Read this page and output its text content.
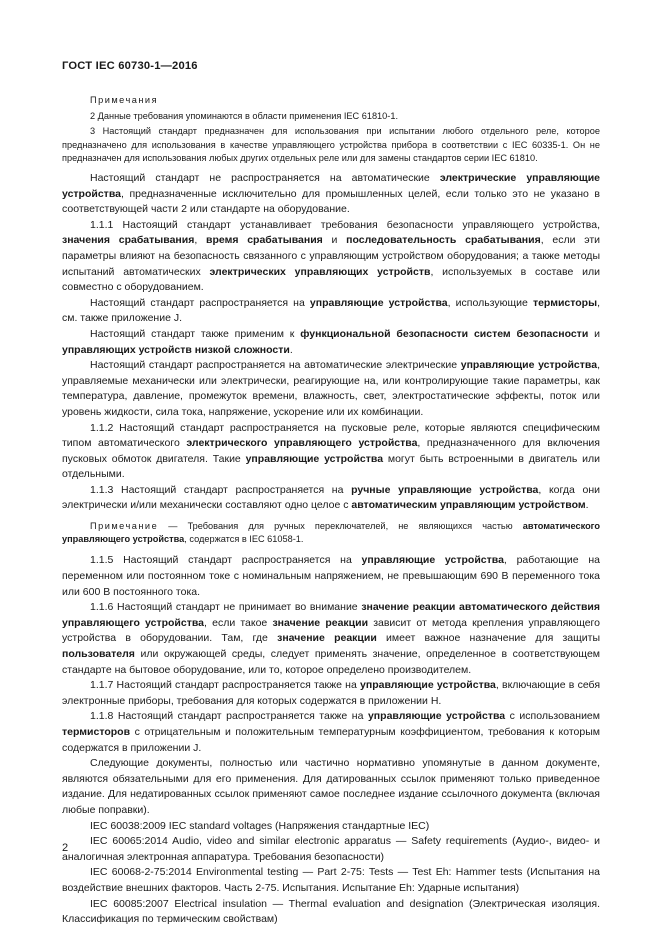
ГОСТ IEC 60730-1—2016
Примечания

2 Данные требования упоминаются в области применения IEC 61810-1.

3 Настоящий стандарт предназначен для использования при испытании любого отдельного реле, которое предназначено для использования в качестве управляющего устройства прибора в соответствии с IEC 60335-1. Он не предназначен для использования любых других отдельных реле или для замены стандартов серии IEC 61810.

Настоящий стандарт не распространяется на автоматические электрические управляющие устройства, предназначенные исключительно для промышленных целей, если только это не указано в соответствующей части 2 или стандарте на оборудование.

1.1.1 Настоящий стандарт устанавливает требования безопасности управляющего устройства, значения срабатывания, время срабатывания и последовательность срабатывания, если эти параметры влияют на безопасность связанного с управляющим устройством оборудования; а также методы испытаний автоматических электрических управляющих устройств, используемых в составе или совместно с оборудованием.

Настоящий стандарт распространяется на управляющие устройства, использующие термисторы, см. также приложение J.

Настоящий стандарт также применим к функциональной безопасности систем безопасности и управляющих устройств низкой сложности.

Настоящий стандарт распространяется на автоматические электрические управляющие устройства, управляемые механически или электрически, реагирующие на, или контролирующие такие параметры, как температура, давление, промежуток времени, влажность, свет, электростатические эффекты, поток или уровень жидкости, сила тока, напряжение, ускорение или их комбинации.

1.1.2 Настоящий стандарт распространяется на пусковые реле, которые являются специфическим типом автоматического электрического управляющего устройства, предназначенного для включения пусковых обмоток двигателя. Такие управляющие устройства могут быть встроенными в двигатель или отдельными.

1.1.3 Настоящий стандарт распространяется на ручные управляющие устройства, когда они электрически и/или механически составляют одно целое с автоматическим управляющим устройством.

Примечание — Требования для ручных переключателей, не являющихся частью автоматического управляющего устройства, содержатся в IEC 61058-1.

1.1.5 Настоящий стандарт распространяется на управляющие устройства, работающие на переменном или постоянном токе с номинальным напряжением, не превышающим 690 В переменного тока или 600 В постоянного тока.

1.1.6 Настоящий стандарт не принимает во внимание значение реакции автоматического действия управляющего устройства, если такое значение реакции зависит от метода крепления управляющего устройства в оборудовании. Там, где значение реакции имеет важное назначение для защиты пользователя или окружающей среды, следует применять значение, определенное в соответствующем стандарте на бытовое оборудование, или то, которое определено производителем.

1.1.7 Настоящий стандарт распространяется также на управляющие устройства, включающие в себя электронные приборы, требования для которых содержатся в приложении H.

1.1.8 Настоящий стандарт распространяется также на управляющие устройства с использованием термисторов с отрицательным и положительным температурным коэффициентом, требования к которым содержатся в приложении J.

Следующие документы, полностью или частично нормативно упомянутые в данном документе, являются обязательными для его применения. Для датированных ссылок применяют только приведенное издание. Для недатированных ссылок применяют самое последнее издание ссылочного документа (включая любые поправки).

IEC 60038:2009 IEC standard voltages (Напряжения стандартные IEC)

IEC 60065:2014 Audio, video and similar electronic apparatus — Safety requirements (Аудио-, видео- и аналогичная электронная аппаратура. Требования безопасности)

IEC 60068-2-75:2014 Environmental testing — Part 2-75: Tests — Test Eh: Hammer tests (Испытания на воздействие внешних факторов. Часть 2-75. Испытания. Испытание Eh: Ударные испытания)

IEC 60085:2007 Electrical insulation — Thermal evaluation and designation (Электрическая изоляция. Классификация по термическим свойствам)

2
